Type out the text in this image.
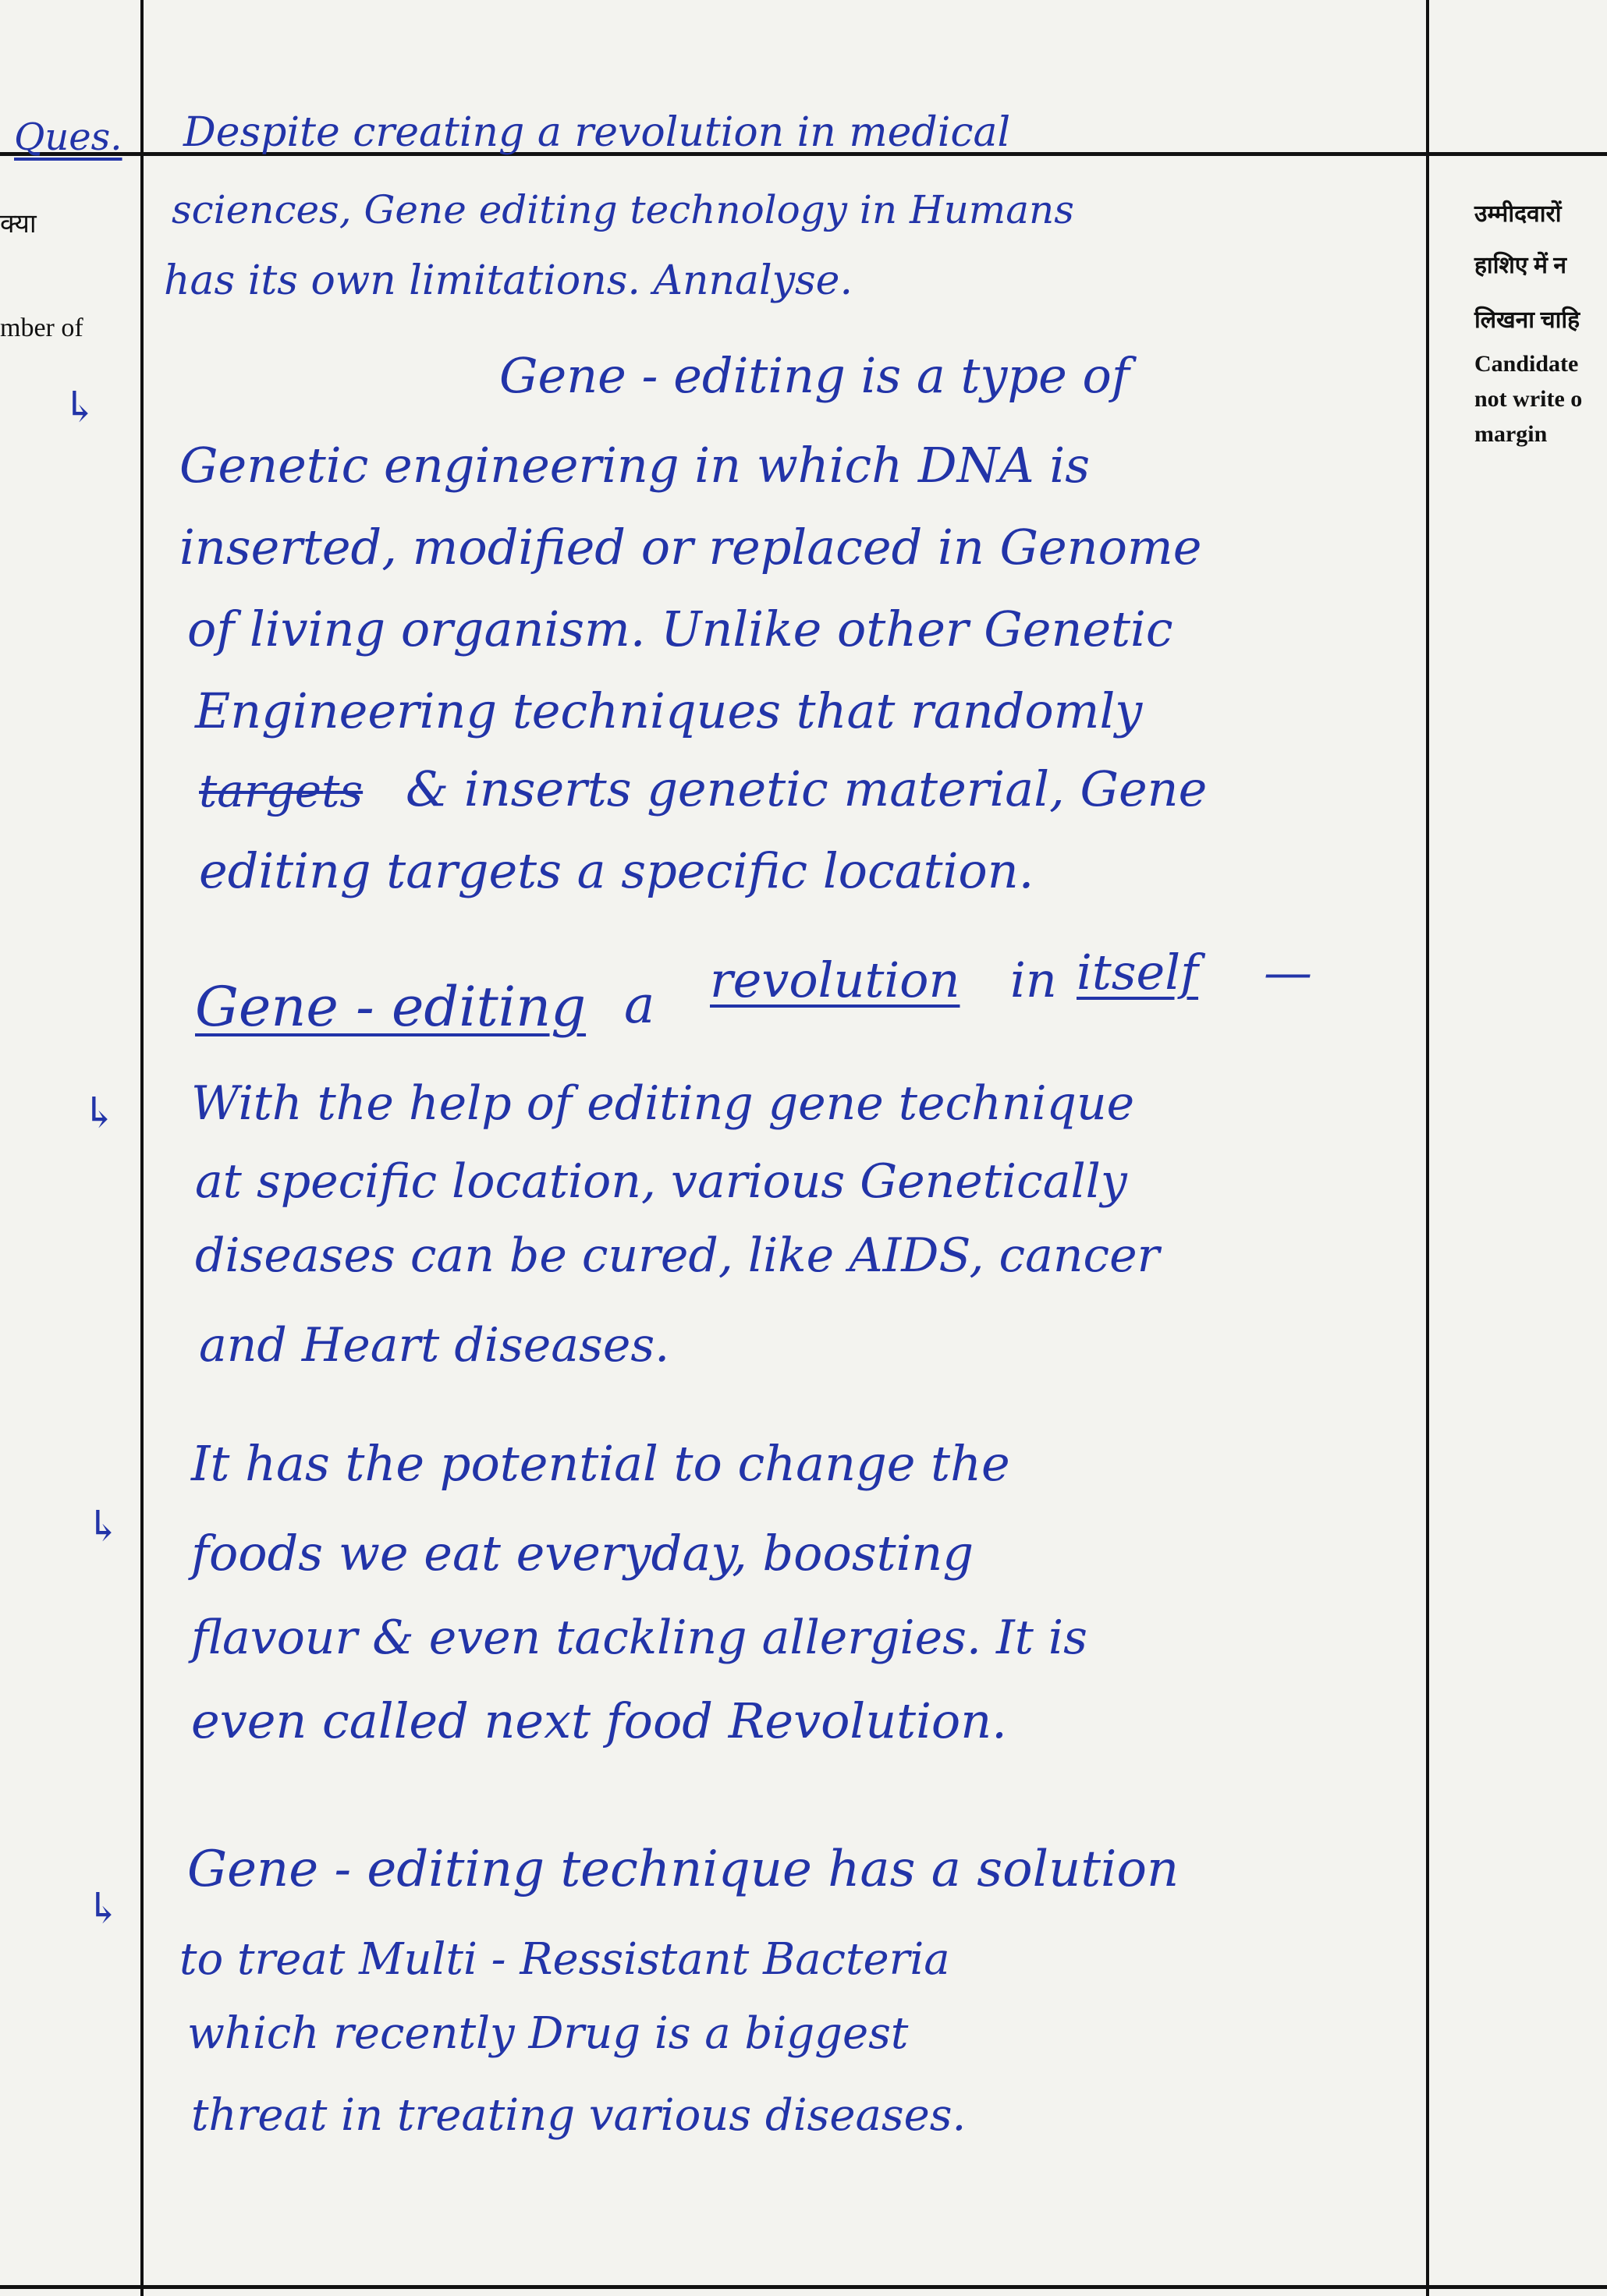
क्या
mber of
उम्मीदवारों
हाशिए में न
लिखना चाहि
Candidate
not write o
margin
Ques. Despite creating a revolution in medical
sciences, Gene editing technology in Humans
has its own limitations. Annalyse.
↳
Gene - editing is a type of
Genetic engineering in which DNA is
inserted, modified or replaced in Genome
of living organism. Unlike other Genetic
Engineering techniques that randomly
targets & inserts genetic material, Gene
editing targets a specific location.
Gene - editing a revolution in itself —
↳ With the help of editing gene technique
at specific location, various Genetically
diseases can be cured, like AIDS, cancer
and Heart diseases.
↳
It has the potential to change the
foods we eat everyday, boosting
flavour & even tackling allergies. It is
even called next food Revolution.
↳
Gene - editing technique has a solution
to treat Multi - Ressistant Bacteria
which recently Drug is a biggest
threat in treating various diseases.
